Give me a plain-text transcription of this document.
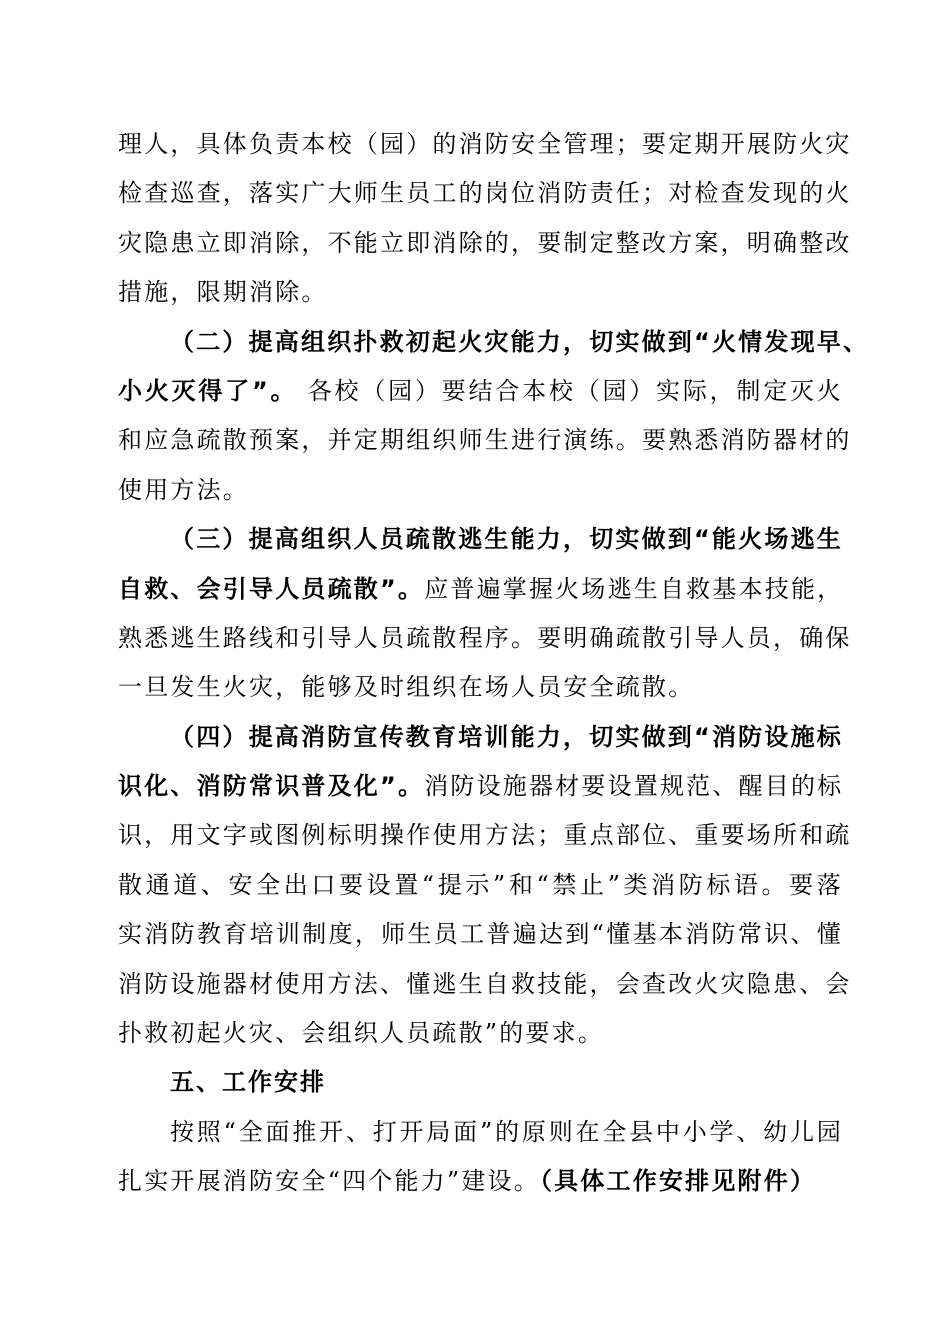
理人，具体负责本校（园）的消防安全管理；要定期开展防火灾
检查巡查，落实广大师生员工的岗位消防责任；对检查发现的火
灾隐患立即消除，不能立即消除的，要制定整改方案，明确整改
措施，限期消除。
（二）提高组织扑救初起火灾能力，切实做到“火情发现早、
小火灭得了”。 各校（园）要结合本校（园）实际，制定灭火
和应急疏散预案，并定期组织师生进行演练。要熟悉消防器材的
使用方法。
（三）提高组织人员疏散逃生能力，切实做到“能火场逃生
自救、会引导人员疏散”。应普遍掌握火场逃生自救基本技能，
熟悉逃生路线和引导人员疏散程序。要明确疏散引导人员，确保
一旦发生火灾，能够及时组织在场人员安全疏散。
（四）提高消防宣传教育培训能力，切实做到“消防设施标
识化、消防常识普及化”。消防设施器材要设置规范、醒目的标
识，用文字或图例标明操作使用方法；重点部位、重要场所和疏
散通道、安全出口要设置“提示”和“禁止”类消防标语。要落
实消防教育培训制度，师生员工普遍达到“懂基本消防常识、懂
消防设施器材使用方法、懂逃生自救技能，会查改火灾隐患、会
扑救初起火灾、会组织人员疏散”的要求。
五、工作安排
按照“全面推开、打开局面”的原则在全县中小学、幼儿园
扎实开展消防安全“四个能力”建设。（具体工作安排见附件）
